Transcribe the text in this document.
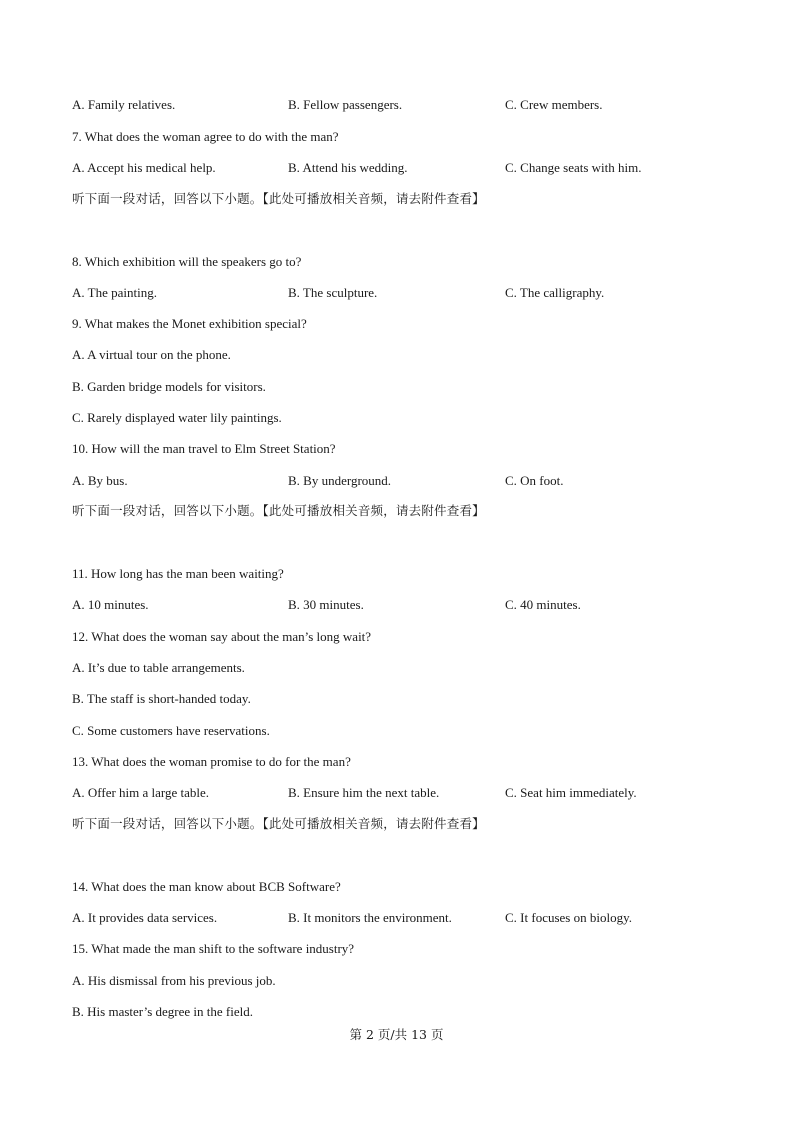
A. Family relatives.	B. Fellow passengers.	C. Crew members.
7. What does the woman agree to do with the man?
A. Accept his medical help.	B. Attend his wedding.	C. Change seats with him.
听下面一段对话，回答以下小题。【此处可播放相关音频，请去附件查看】
8. Which exhibition will the speakers go to?
A. The painting.	B. The sculpture.	C. The calligraphy.
9. What makes the Monet exhibition special?
A. A virtual tour on the phone.
B. Garden bridge models for visitors.
C. Rarely displayed water lily paintings.
10. How will the man travel to Elm Street Station?
A. By bus.	B. By underground.	C. On foot.
听下面一段对话，回答以下小题。【此处可播放相关音频，请去附件查看】
11. How long has the man been waiting?
A. 10 minutes.	B. 30 minutes.	C. 40 minutes.
12. What does the woman say about the man’s long wait?
A. It’s due to table arrangements.
B. The staff is short-handed today.
C. Some customers have reservations.
13. What does the woman promise to do for the man?
A. Offer him a large table.	B. Ensure him the next table.	C. Seat him immediately.
听下面一段对话，回答以下小题。【此处可播放相关音频，请去附件查看】
14. What does the man know about BCB Software?
A. It provides data services.	B. It monitors the environment.	C. It focuses on biology.
15. What made the man shift to the software industry?
A. His dismissal from his previous job.
B. His master’s degree in the field.
第 2 页/共 13 页
